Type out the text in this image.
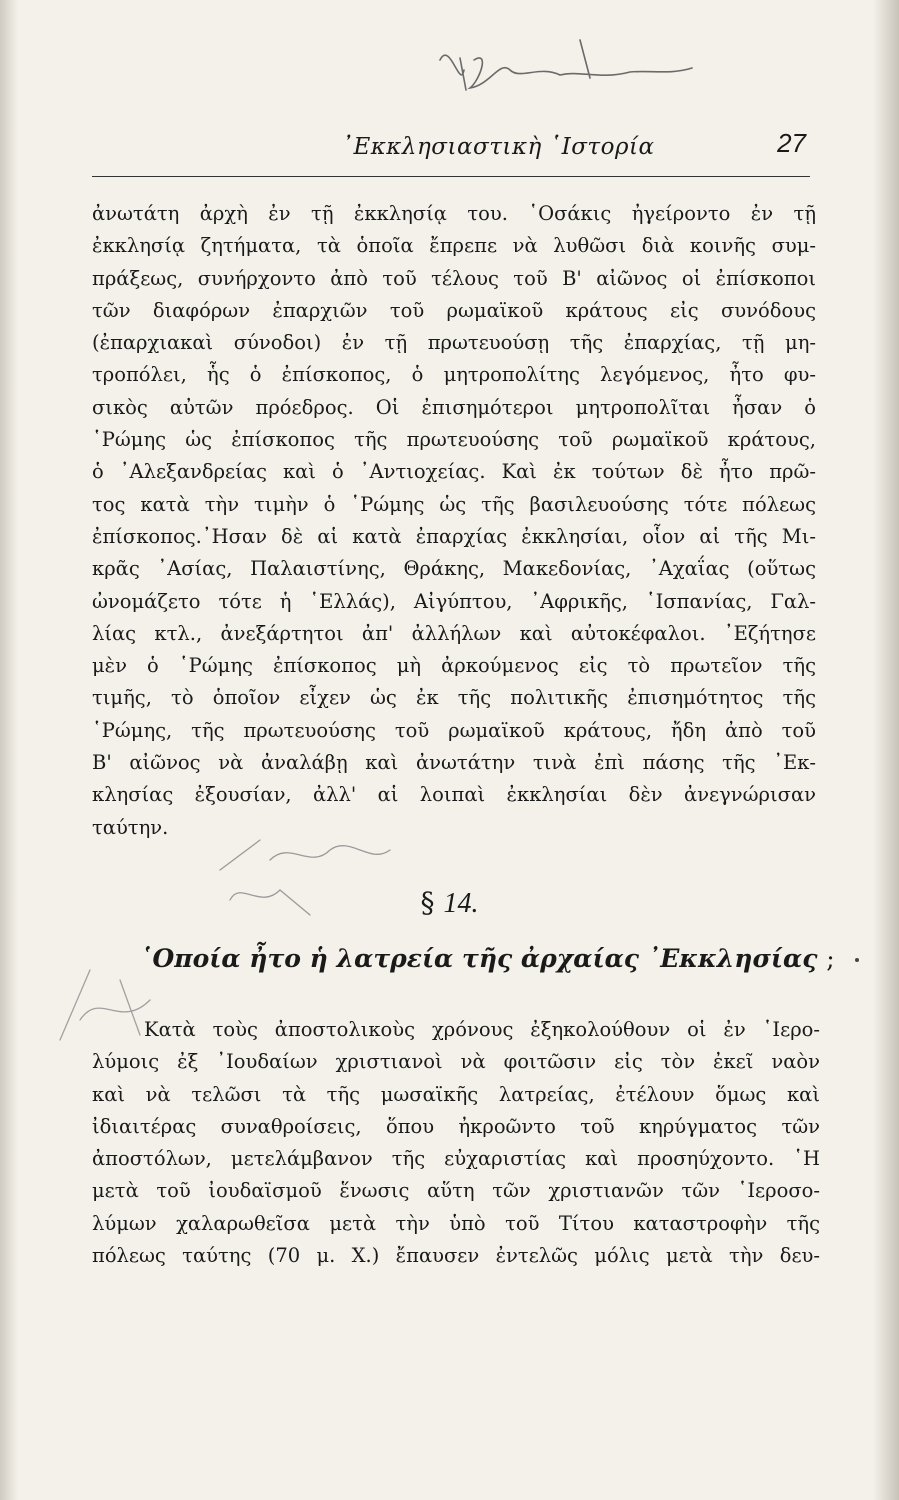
᾿Εκκλησιαστικὴ ῾Ιστορία	27
ἀνωτάτη ἀρχὴ ἐν τῇ ἐκκλησίᾳ του. ῾Οσάκις ἠγείροντο ἐν τῇ
ἐκκλησίᾳ ζητήματα, τὰ ὁποῖα ἔπρεπε νὰ λυθῶσι διὰ κοινῆς συμ-
πράξεως, συνήρχοντο ἀπὸ τοῦ τέλους τοῦ Β' αἰῶνος οἱ ἐπίσκοποι
τῶν διαφόρων ἐπαρχιῶν τοῦ ρωμαϊκοῦ κράτους εἰς συνόδους
(ἐπαρχιακαὶ σύνοδοι) ἐν τῇ πρωτευούσῃ τῆς ἐπαρχίας, τῇ μη-
τροπόλει, ἧς ὁ ἐπίσκοπος, ὁ μητροπολίτης λεγόμενος, ἦτο φυ-
σικὸς αὐτῶν πρόεδρος. Οἱ ἐπισημότεροι μητροπολῖται ἦσαν ὁ
῾Ρώμης ὡς ἐπίσκοπος τῆς πρωτευούσης τοῦ ρωμαϊκοῦ κράτους,
ὁ ᾿Αλεξανδρείας καὶ ὁ ᾿Αντιοχείας. Καὶ ἐκ τούτων δὲ ἦτο πρῶ-
τος κατὰ τὴν τιμὴν ὁ ῾Ρώμης ὡς τῆς βασιλευούσης τότε πόλεως
ἐπίσκοπος.᾿Ησαν δὲ αἱ κατὰ ἐπαρχίας ἐκκλησίαι, οἷον αἱ τῆς Μι-
κρᾶς ᾿Ασίας, Παλαιστίνης, Θράκης, Μακεδονίας, ᾿Αχαΐας (οὕτως
ὠνομάζετο τότε ἡ ῾Ελλάς), Αἰγύπτου, ᾿Αφρικῆς, ῾Ισπανίας, Γαλ-
λίας κτλ., ἀνεξάρτητοι ἀπ' ἀλλήλων καὶ αὐτοκέφαλοι. ᾿Εζήτησε
μὲν ὁ ῾Ρώμης ἐπίσκοπος μὴ ἀρκούμενος εἰς τὸ πρωτεῖον τῆς
τιμῆς, τὸ ὁποῖον εἶχεν ὡς ἐκ τῆς πολιτικῆς ἐπισημότητος τῆς
῾Ρώμης, τῆς πρωτευούσης τοῦ ρωμαϊκοῦ κράτους, ἤδη ἀπὸ τοῦ
Β' αἰῶνος νὰ ἀναλάβῃ καὶ ἀνωτάτην τινὰ ἐπὶ πάσης τῆς ᾿Εκ-
κλησίας ἐξουσίαν, ἀλλ' αἱ λοιπαὶ ἐκκλησίαι δὲν ἀνεγνώρισαν
ταύτην.
§ 14.
῾Οποία ἦτο ἡ λατρεία τῆς ἀρχαίας ᾿Εκκλησίας ;
Κατὰ τοὺς ἀποστολικοὺς χρόνους ἐξηκολούθουν οἱ ἐν ῾Ιερο-
λύμοις ἐξ ᾿Ιουδαίων χριστιανοὶ νὰ φοιτῶσιν εἰς τὸν ἐκεῖ ναὸν
καὶ νὰ τελῶσι τὰ τῆς μωσαϊκῆς λατρείας, ἐτέλουν ὅμως καὶ
ἰδιαιτέρας συναθροίσεις, ὅπου ἠκροῶντο τοῦ κηρύγματος τῶν
ἀποστόλων, μετελάμβανον τῆς εὐχαριστίας καὶ προσηύχοντο. ῾Η
μετὰ τοῦ ἰουδαϊσμοῦ ἕνωσις αὕτη τῶν χριστιανῶν τῶν ῾Ιεροσο-
λύμων χαλαρωθεῖσα μετὰ τὴν ὑπὸ τοῦ Τίτου καταστροφὴν τῆς
πόλεως ταύτης (70 μ. Χ.) ἔπαυσεν ἐντελῶς μόλις μετὰ τὴν δευ-
